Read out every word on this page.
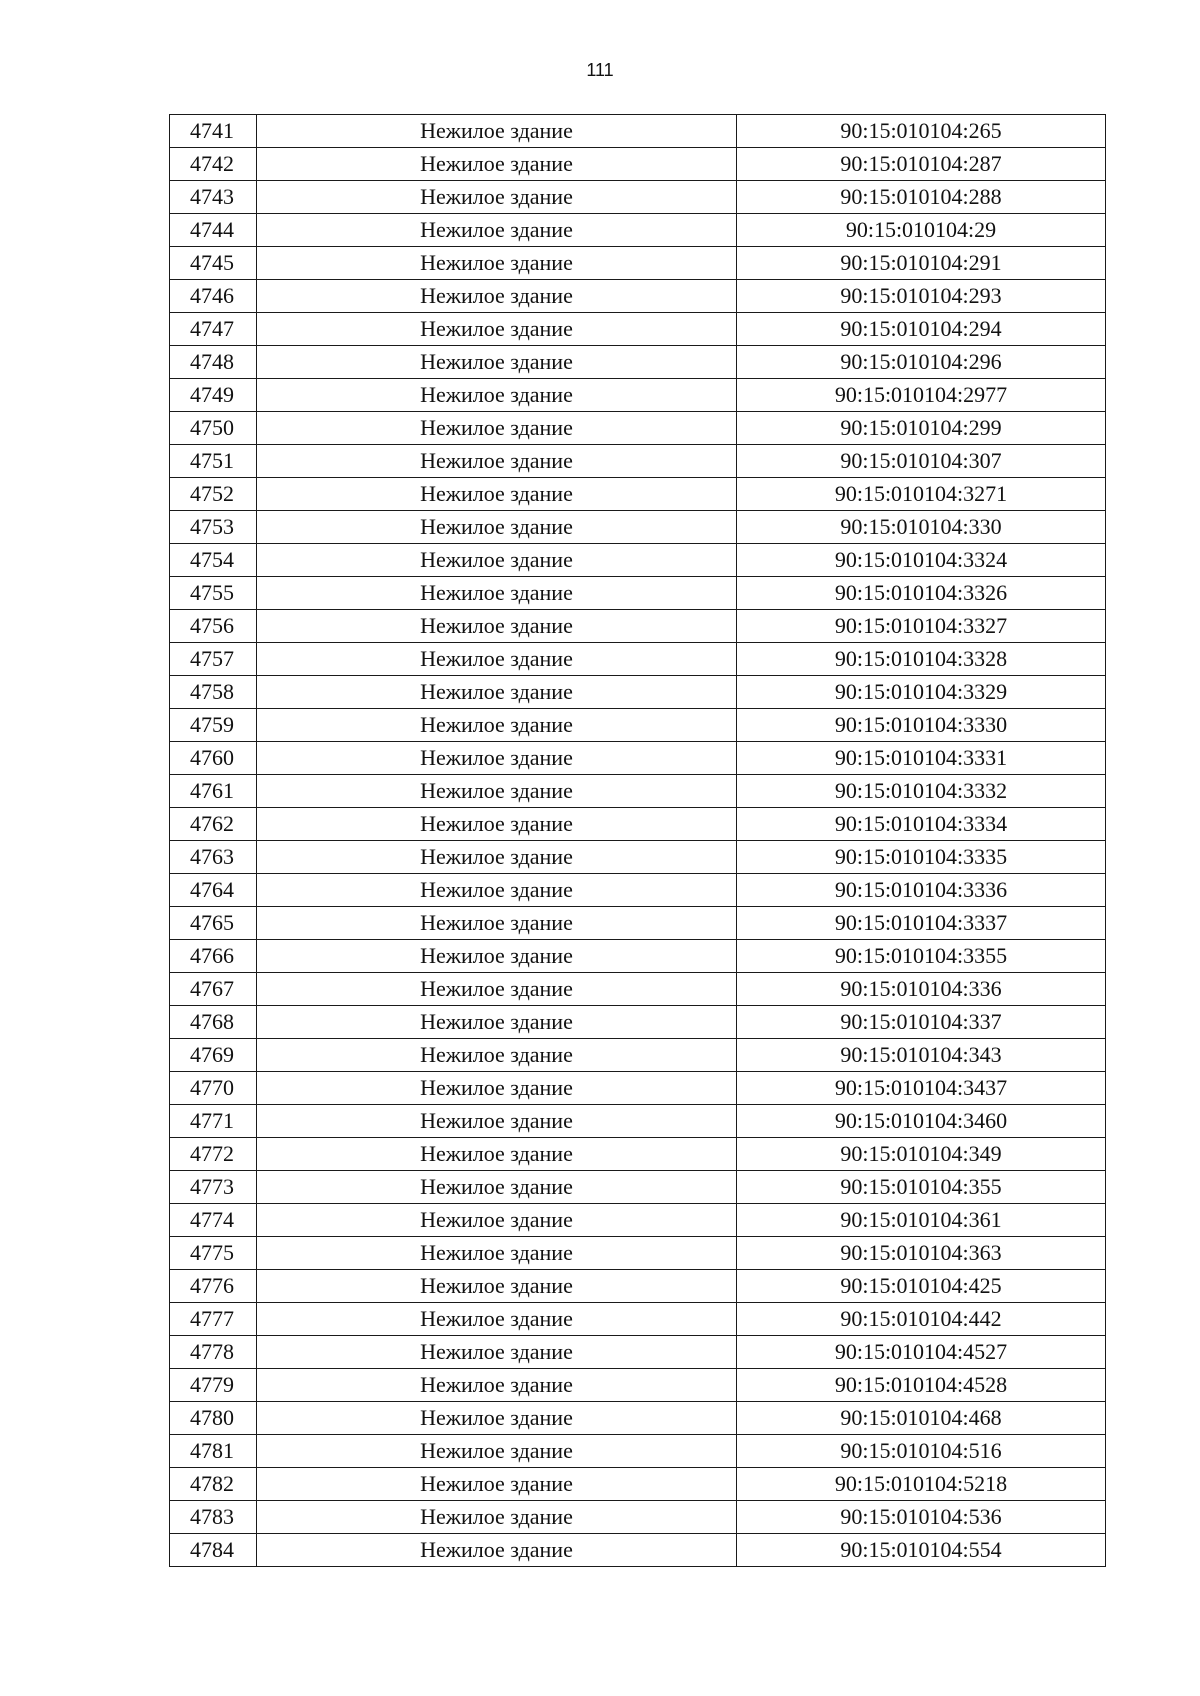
111
4741	Нежилое здание	90:15:010104:265
4742	Нежилое здание	90:15:010104:287
4743	Нежилое здание	90:15:010104:288
4744	Нежилое здание	90:15:010104:29
4745	Нежилое здание	90:15:010104:291
4746	Нежилое здание	90:15:010104:293
4747	Нежилое здание	90:15:010104:294
4748	Нежилое здание	90:15:010104:296
4749	Нежилое здание	90:15:010104:2977
4750	Нежилое здание	90:15:010104:299
4751	Нежилое здание	90:15:010104:307
4752	Нежилое здание	90:15:010104:3271
4753	Нежилое здание	90:15:010104:330
4754	Нежилое здание	90:15:010104:3324
4755	Нежилое здание	90:15:010104:3326
4756	Нежилое здание	90:15:010104:3327
4757	Нежилое здание	90:15:010104:3328
4758	Нежилое здание	90:15:010104:3329
4759	Нежилое здание	90:15:010104:3330
4760	Нежилое здание	90:15:010104:3331
4761	Нежилое здание	90:15:010104:3332
4762	Нежилое здание	90:15:010104:3334
4763	Нежилое здание	90:15:010104:3335
4764	Нежилое здание	90:15:010104:3336
4765	Нежилое здание	90:15:010104:3337
4766	Нежилое здание	90:15:010104:3355
4767	Нежилое здание	90:15:010104:336
4768	Нежилое здание	90:15:010104:337
4769	Нежилое здание	90:15:010104:343
4770	Нежилое здание	90:15:010104:3437
4771	Нежилое здание	90:15:010104:3460
4772	Нежилое здание	90:15:010104:349
4773	Нежилое здание	90:15:010104:355
4774	Нежилое здание	90:15:010104:361
4775	Нежилое здание	90:15:010104:363
4776	Нежилое здание	90:15:010104:425
4777	Нежилое здание	90:15:010104:442
4778	Нежилое здание	90:15:010104:4527
4779	Нежилое здание	90:15:010104:4528
4780	Нежилое здание	90:15:010104:468
4781	Нежилое здание	90:15:010104:516
4782	Нежилое здание	90:15:010104:5218
4783	Нежилое здание	90:15:010104:536
4784	Нежилое здание	90:15:010104:554
